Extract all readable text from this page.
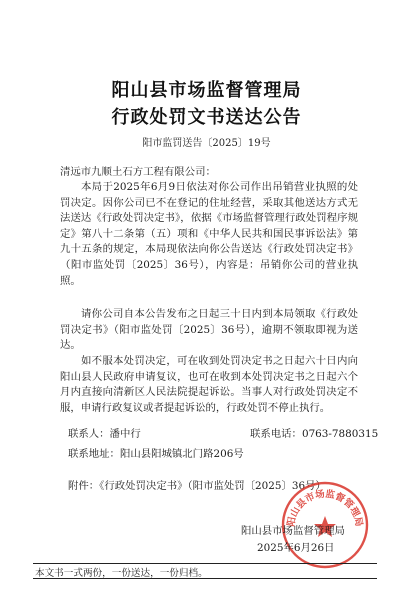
阳山县市场监督管理局
行政处罚文书送达公告
阳市监罚送告〔2025〕19号
清远市九顺土石方工程有限公司：
本局于2025年6月9日依法对你公司作出吊销营业执照的处罚决定。因你公司已不在登记的住址经营，采取其他送达方式无法送达《行政处罚决定书》，依据《市场监督管理行政处罚程序规定》第八十二条第（五）项和《中华人民共和国民事诉讼法》第九十五条的规定，本局现依法向你公告送达《行政处罚决定书》（阳市监处罚〔2025〕36号），内容是：吊销你公司的营业执照。
请你公司自本公告发布之日起三十日内到本局领取《行政处罚决定书》（阳市监处罚〔2025〕36号），逾期不领取即视为送达。
如不服本处罚决定，可在收到处罚决定书之日起六十日内向阳山县人民政府申请复议，也可在收到本处罚决定书之日起六个月内直接向清新区人民法院提起诉讼。当事人对行政处罚决定不服，申请行政复议或者提起诉讼的，行政处罚不停止执行。
联系人：潘中行	联系电话：0763-7880315
联系地址：阳山县阳城镇北门路206号
附件：《行政处罚决定书》（阳市监处罚〔2025〕36号）
阳山县市场监督管理局
阳山县市场监督管理局
2025年6月26日
本文书一式两份，一份送达，一份归档。
